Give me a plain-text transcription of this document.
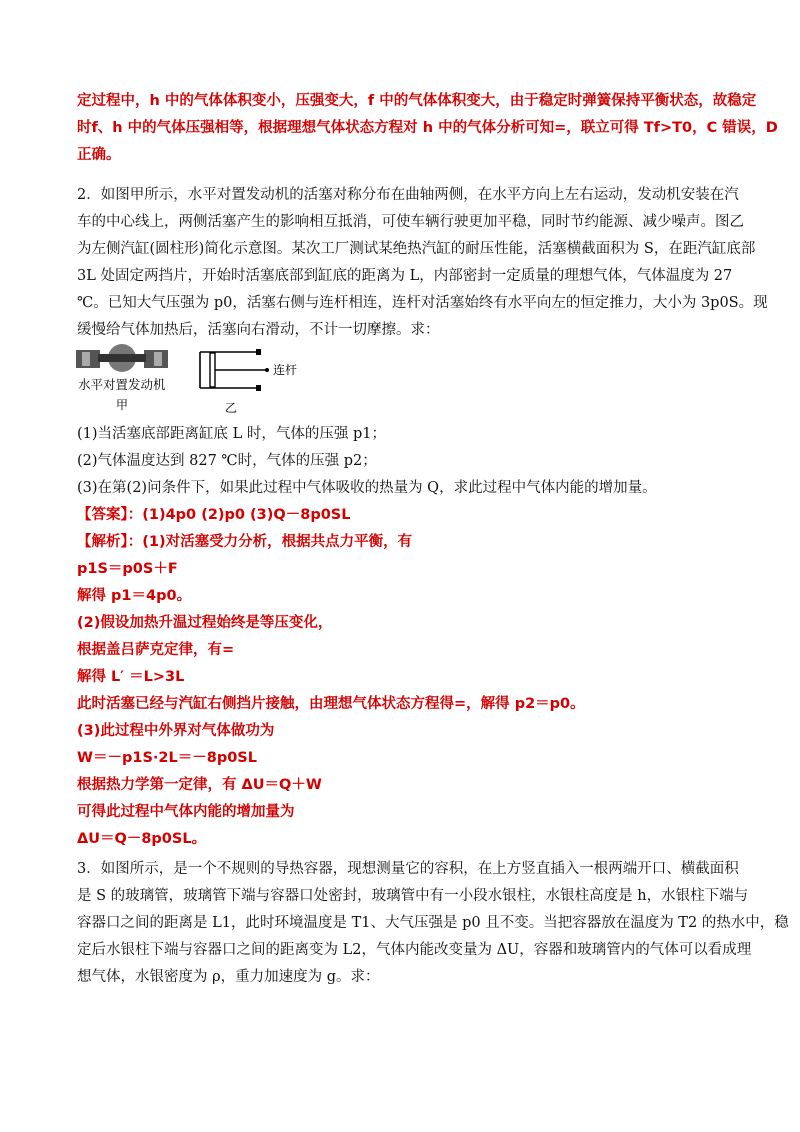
定过程中，h 中的气体体积变小，压强变大，f 中的气体体积变大，由于稳定时弹簧保持平衡状态，故稳定
时f、h 中的气体压强相等，根据理想气体状态方程对 h 中的气体分析可知=，联立可得 Tf>T0，C 错误，D
正确。
2．如图甲所示，水平对置发动机的活塞对称分布在曲轴两侧，在水平方向上左右运动，发动机安装在汽
车的中心线上，两侧活塞产生的影响相互抵消，可使车辆行驶更加平稳，同时节约能源、减少噪声。图乙
为左侧汽缸(圆柱形)简化示意图。某次工厂测试某绝热汽缸的耐压性能，活塞横截面积为 S，在距汽缸底部
3L 处固定两挡片，开始时活塞底部到缸底的距离为 L，内部密封一定质量的理想气体，气体温度为 27
℃。已知大气压强为 p0，活塞右侧与连杆相连，连杆对活塞始终有水平向左的恒定推力，大小为 3p0S。现
缓慢给气体加热后，活塞向右滑动，不计一切摩擦。求：
水平对置发动机
甲
连杆
乙
(1)当活塞底部距离缸底 L 时，气体的压强 p1；
(2)气体温度达到 827 ℃时，气体的压强 p2；
(3)在第(2)问条件下，如果此过程中气体吸收的热量为 Q，求此过程中气体内能的增加量。
【答案】：(1)4p0 (2)p0 (3)Q－8p0SL
【解析】：(1)对活塞受力分析，根据共点力平衡，有
p1S＝p0S＋F
解得 p1＝4p0。
(2)假设加热升温过程始终是等压变化，
根据盖吕萨克定律，有=
解得 L′ ＝L>3L
此时活塞已经与汽缸右侧挡片接触，由理想气体状态方程得=，解得 p2＝p0。
(3)此过程中外界对气体做功为
W＝－p1S·2L＝－8p0SL
根据热力学第一定律，有 ΔU＝Q＋W
可得此过程中气体内能的增加量为
ΔU＝Q－8p0SL。
3．如图所示，是一个不规则的导热容器，现想测量它的容积，在上方竖直插入一根两端开口、横截面积
是 S 的玻璃管，玻璃管下端与容器口处密封，玻璃管中有一小段水银柱，水银柱高度是 h，水银柱下端与
容器口之间的距离是 L1，此时环境温度是 T1、大气压强是 p0 且不变。当把容器放在温度为 T2 的热水中，稳
定后水银柱下端与容器口之间的距离变为 L2，气体内能改变量为 ΔU，容器和玻璃管内的气体可以看成理
想气体，水银密度为 ρ，重力加速度为 g。求：
